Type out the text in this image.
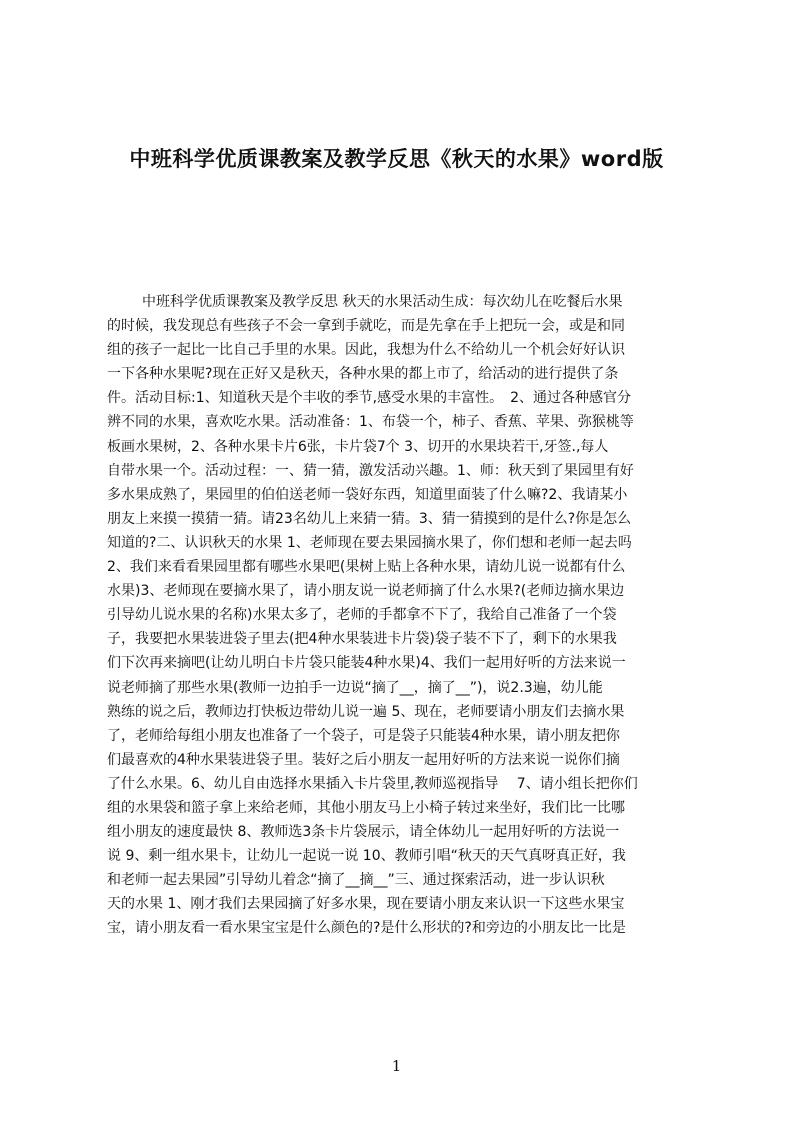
中班科学优质课教案及教学反思《秋天的水果》word版
中班科学优质课教案及教学反思 秋天的水果活动生成：每次幼儿在吃餐后水果
的时候，我发现总有些孩子不会一拿到手就吃，而是先拿在手上把玩一会，或是和同
组的孩子一起比一比自己手里的水果。因此，我想为什么不给幼儿一个机会好好认识
一下各种水果呢?现在正好又是秋天，各种水果的都上市了，给活动的进行提供了条
件。活动目标:1、知道秋天是个丰收的季节,感受水果的丰富性。　2、通过各种感官分
辨不同的水果，喜欢吃水果。活动准备：1、布袋一个，柿子、香蕉、苹果、弥猴桃等
板画水果树，2、各种水果卡片6张，卡片袋7个 3、切开的水果块若干,牙签.,每人
自带水果一个。活动过程：一、猜一猜，激发活动兴趣。1、师：秋天到了果园里有好
多水果成熟了，果园里的伯伯送老师一袋好东西，知道里面装了什么嘛?2、我请某小
朋友上来摸一摸猜一猜。请23名幼儿上来猜一猜。3、猜一猜摸到的是什么?你是怎么
知道的?二、认识秋天的水果 1、老师现在要去果园摘水果了，你们想和老师一起去吗
2、我们来看看果园里都有哪些水果吧(果树上贴上各种水果，请幼儿说一说都有什么
水果)3、老师现在要摘水果了，请小朋友说一说老师摘了什么水果?(老师边摘水果边
引导幼儿说水果的名称)水果太多了，老师的手都拿不下了，我给自己准备了一个袋
子，我要把水果装进袋子里去(把4种水果装进卡片袋)袋子装不下了，剩下的水果我
们下次再来摘吧(让幼儿明白卡片袋只能装4种水果)4、我们一起用好听的方法来说一
说老师摘了那些水果(教师一边拍手一边说“摘了__，摘了__”)，说2.3遍，幼儿能
熟练的说之后，教师边打快板边带幼儿说一遍 5、现在，老师要请小朋友们去摘水果
了，老师给每组小朋友也准备了一个袋子，可是袋子只能装4种水果，请小朋友把你
们最喜欢的4种水果装进袋子里。装好之后小朋友一起用好听的方法来说一说你们摘
了什么水果。6、幼儿自由选择水果插入卡片袋里,教师巡视指导　 7、请小组长把你们
组的水果袋和篮子拿上来给老师，其他小朋友马上小椅子转过来坐好，我们比一比哪
组小朋友的速度最快 8、教师选3条卡片袋展示，请全体幼儿一起用好听的方法说一
说 9、剩一组水果卡，让幼儿一起说一说 10、教师引唱“秋天的天气真呀真正好，我
和老师一起去果园”引导幼儿着念“摘了__摘__”三、通过探索活动，进一步认识秋
天的水果 1、刚才我们去果园摘了好多水果，现在要请小朋友来认识一下这些水果宝
宝，请小朋友看一看水果宝宝是什么颜色的?是什么形状的?和旁边的小朋友比一比是
1
